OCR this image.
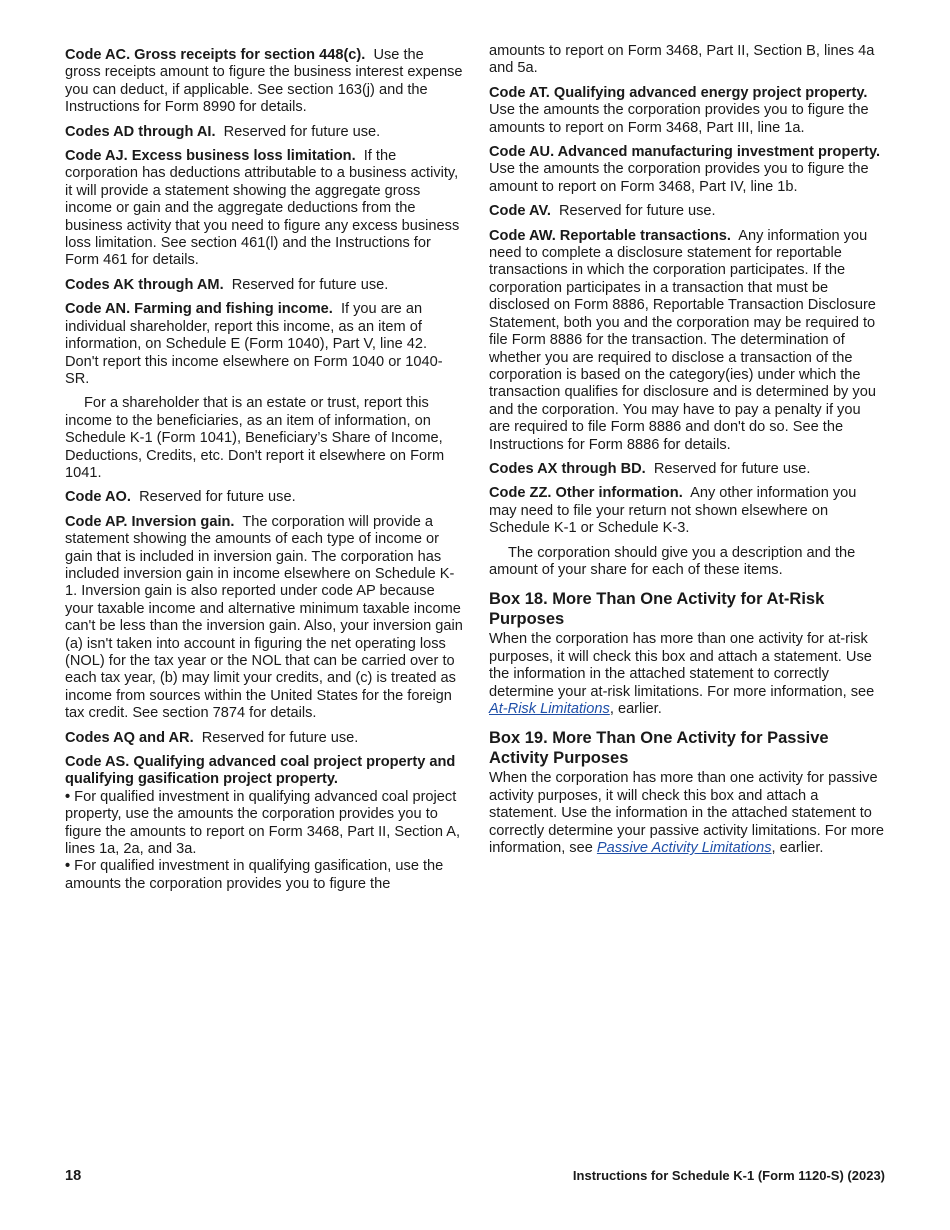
Code AC. Gross receipts for section 448(c). Use the gross receipts amount to figure the business interest expense you can deduct, if applicable. See section 163(j) and the Instructions for Form 8990 for details.

Codes AD through AI. Reserved for future use.

Code AJ. Excess business loss limitation. If the corporation has deductions attributable to a business activity, it will provide a statement showing the aggregate gross income or gain and the aggregate deductions from the business activity that you need to figure any excess business loss limitation. See section 461(l) and the Instructions for Form 461 for details.

Codes AK through AM. Reserved for future use.

Code AN. Farming and fishing income. If you are an individual shareholder, report this income, as an item of information, on Schedule E (Form 1040), Part V, line 42. Don't report this income elsewhere on Form 1040 or 1040-SR.

For a shareholder that is an estate or trust, report this income to the beneficiaries, as an item of information, on Schedule K-1 (Form 1041), Beneficiary’s Share of Income, Deductions, Credits, etc. Don't report it elsewhere on Form 1041.

Code AO. Reserved for future use.

Code AP. Inversion gain. The corporation will provide a statement showing the amounts of each type of income or gain that is included in inversion gain. The corporation has included inversion gain in income elsewhere on Schedule K-1. Inversion gain is also reported under code AP because your taxable income and alternative minimum taxable income can't be less than the inversion gain. Also, your inversion gain (a) isn't taken into account in figuring the net operating loss (NOL) for the tax year or the NOL that can be carried over to each tax year, (b) may limit your credits, and (c) is treated as income from sources within the United States for the foreign tax credit. See section 7874 for details.

Codes AQ and AR. Reserved for future use.

Code AS. Qualifying advanced coal project property and qualifying gasification project property.

• For qualified investment in qualifying advanced coal project property, use the amounts the corporation provides you to figure the amounts to report on Form 3468, Part II, Section A, lines 1a, 2a, and 3a.

• For qualified investment in qualifying gasification, use the amounts the corporation provides you to figure the

amounts to report on Form 3468, Part II, Section B, lines 4a and 5a.

Code AT. Qualifying advanced energy project property.  Use the amounts the corporation provides you to figure the amounts to report on Form 3468, Part III, line 1a.

Code AU. Advanced manufacturing investment property.  Use the amounts the corporation provides you to figure the amount to report on Form 3468, Part IV, line 1b.

Code AV. Reserved for future use.

Code AW. Reportable transactions. Any information you need to complete a disclosure statement for reportable transactions in which the corporation participates. If the corporation participates in a transaction that must be disclosed on Form 8886, Reportable Transaction Disclosure Statement, both you and the corporation may be required to file Form 8886 for the transaction. The determination of whether you are required to disclose a transaction of the corporation is based on the category(ies) under which the transaction qualifies for disclosure and is determined by you and the corporation. You may have to pay a penalty if you are required to file Form 8886 and don't do so. See the Instructions for Form 8886 for details.

Codes AX through BD. Reserved for future use.

Code ZZ. Other information. Any other information you may need to file your return not shown elsewhere on Schedule K-1 or Schedule K-3.

The corporation should give you a description and the amount of your share for each of these items.

Box 18. More Than One Activity for At-Risk Purposes

When the corporation has more than one activity for at-risk purposes, it will check this box and attach a statement. Use the information in the attached statement to correctly determine your at-risk limitations. For more information, see At-Risk Limitations, earlier.

Box 19. More Than One Activity for Passive Activity Purposes

When the corporation has more than one activity for passive activity purposes, it will check this box and attach a statement. Use the information in the attached statement to correctly determine your passive activity limitations. For more information, see Passive Activity Limitations, earlier.

18	Instructions for Schedule K-1 (Form 1120-S) (2023)
